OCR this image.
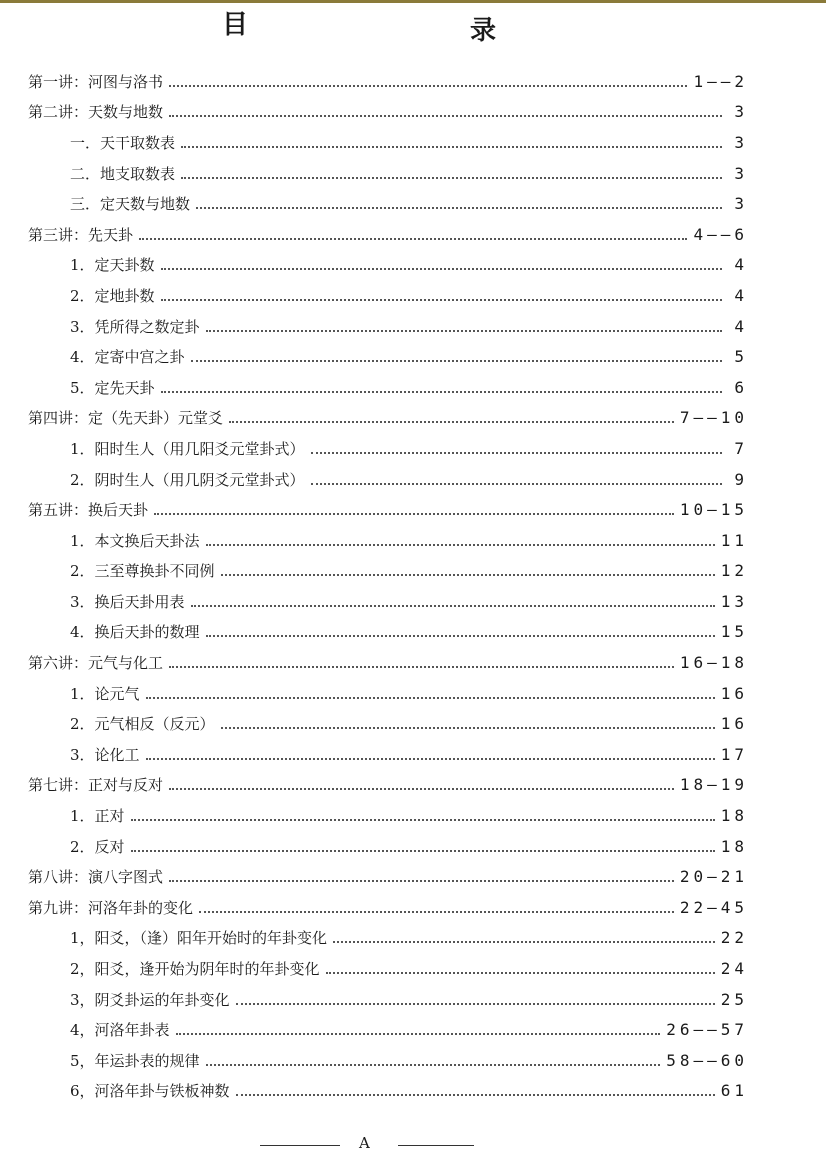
目	录
第一讲：河图与洛书	1——2
第二讲：天数与地数	3
一．天干取数表	3
二．地支取数表	3
三．定天数与地数	3
第三讲：先天卦	4——6
1．定天卦数	4
2．定地卦数	4
3．凭所得之数定卦	4
4．定寄中宫之卦	5
5．定先天卦	6
第四讲：定（先天卦）元堂爻	7——10
1．阳时生人（用几阳爻元堂卦式）	7
2．阴时生人（用几阴爻元堂卦式）	9
第五讲：换后天卦	10—15
1．本文换后天卦法	11
2．三至尊换卦不同例	12
3．换后天卦用表	13
4．换后天卦的数理	15
第六讲：元气与化工	16—18
1．论元气	16
2．元气相反（反元）	16
3．论化工	17
第七讲：正对与反对	18—19
1．正对	18
2．反对	18
第八讲：演八字图式	20—21
第九讲：河洛年卦的变化	22—45
1，阳爻，（逢）阳年开始时的年卦变化	22
2，阳爻，逢开始为阴年时的年卦变化	24
3，阴爻卦运的年卦变化	25
4，河洛年卦表	26——57
5，年运卦表的规律	58——60
6，河洛年卦与铁板神数	61
A
